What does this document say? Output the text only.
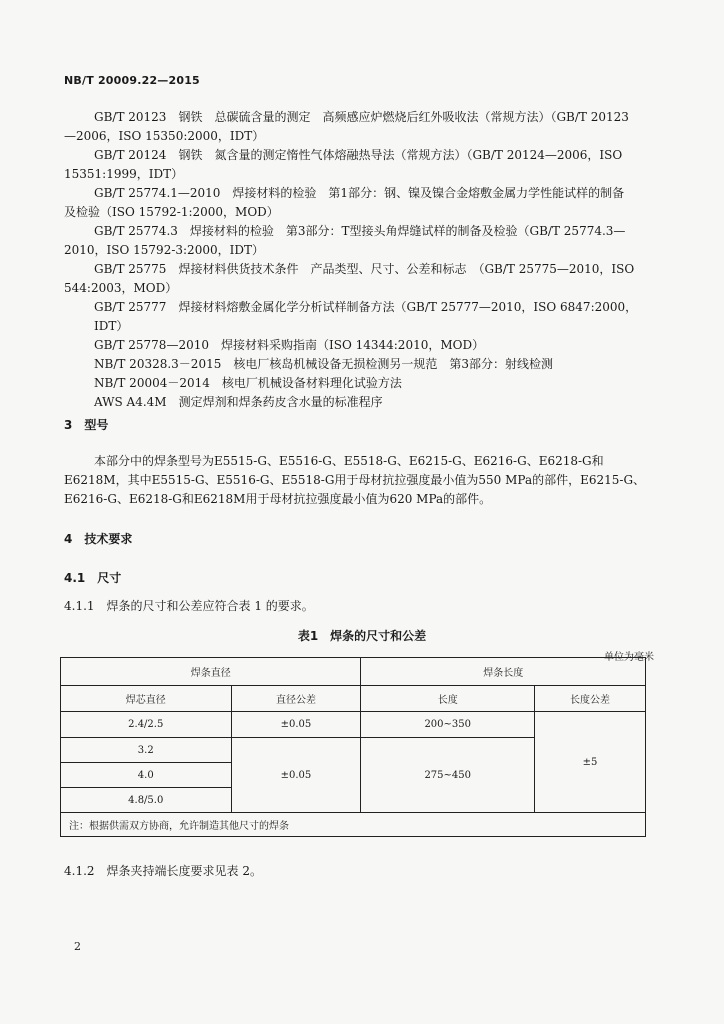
NB/T 20009.22—2015
GB/T 20123　钢铁　总碳硫含量的测定　高频感应炉燃烧后红外吸收法（常规方法）（GB/T 20123
—2006，ISO 15350:2000，IDT）
GB/T 20124　钢铁　氮含量的测定惰性气体熔融热导法（常规方法）（GB/T 20124—2006，ISO
15351:1999，IDT）
GB/T 25774.1—2010　焊接材料的检验　第1部分：钢、镍及镍合金熔敷金属力学性能试样的制备
及检验（ISO 15792-1:2000，MOD）
GB/T 25774.3　焊接材料的检验　第3部分：T型接头角焊缝试样的制备及检验（GB/T 25774.3—
2010，ISO 15792-3:2000，IDT）
GB/T 25775　焊接材料供货技术条件　产品类型、尺寸、公差和标志　（GB/T 25775—2010，ISO
544:2003，MOD）
GB/T 25777　焊接材料熔敷金属化学分析试样制备方法（GB/T 25777—2010，ISO 6847:2000，IDT）
GB/T 25778—2010　焊接材料采购指南（ISO 14344:2010，MOD）
NB/T 20328.3－2015　核电厂核岛机械设备无损检测另一规范　第3部分：射线检测
NB/T 20004－2014　核电厂机械设备材料理化试验方法
AWS A4.4M　测定焊剂和焊条药皮含水量的标准程序
3　型号

本部分中的焊条型号为E5515-G、E5516-G、E5518-G、E6215-G、E6216-G、E6218-G和E6218M，其中E5515-G、E5516-G、E5518-G用于母材抗拉强度最小值为550 MPa的部件，E6215-G、E6216-G、E6218-G和E6218M用于母材抗拉强度最小值为620 MPa的部件。

4　技术要求
4.1　尺寸
4.1.1　焊条的尺寸和公差应符合表 1 的要求。
表1　焊条的尺寸和公差
单位为毫米
焊条直径		焊条长度	
焊芯直径	直径公差	长度	长度公差
2.4/2.5	±0.05	200~350	±5
3.2	±0.05	275~450	
4.0			
4.8/5.0			
注：根据供需双方协商，允许制造其他尺寸的焊条			
4.1.2　焊条夹持端长度要求见表 2。
2
